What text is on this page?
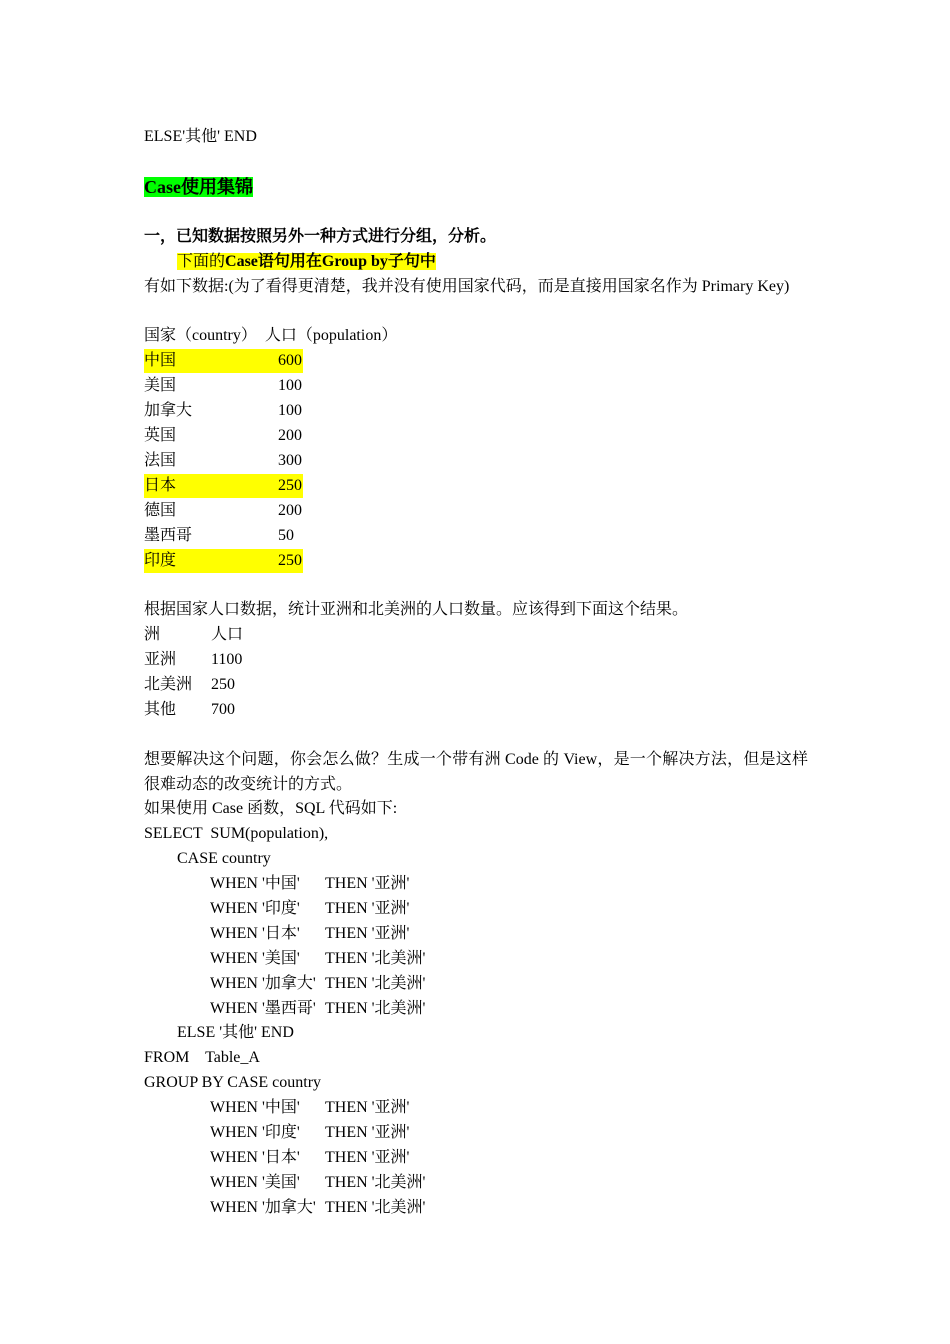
ELSE'其他' END
Case使用集锦
一，已知数据按照另外一种方式进行分组，分析。
下面的Case语句用在Group by子句中
有如下数据:(为了看得更清楚，我并没有使用国家代码，而是直接用国家名作为 Primary Key)
国家（country）  人口（population）
中国	600
美国	100
加拿大	100
英国	200
法国	300
日本	250
德国	200
墨西哥	50
印度	250
根据国家人口数据，统计亚洲和北美洲的人口数量。应该得到下面这个结果。
洲	人口
亚洲 1100
北美洲 250
其他 700
想要解决这个问题，你会怎么做？生成一个带有洲 Code 的 View，是一个解决方法，但是这样很难动态的改变统计的方式。
如果使用 Case 函数，SQL 代码如下:
SELECT  SUM(population),
CASE country
WHEN '中国' THEN '亚洲'
WHEN '印度' THEN '亚洲'
WHEN '日本' THEN '亚洲'
WHEN '美国' THEN '北美洲'
WHEN '加拿大' THEN '北美洲'
WHEN '墨西哥' THEN '北美洲'
ELSE '其他' END
FROM    Table_A
GROUP BY CASE country
WHEN '中国' THEN '亚洲'
WHEN '印度' THEN '亚洲'
WHEN '日本' THEN '亚洲'
WHEN '美国' THEN '北美洲'
WHEN '加拿大' THEN '北美洲'
